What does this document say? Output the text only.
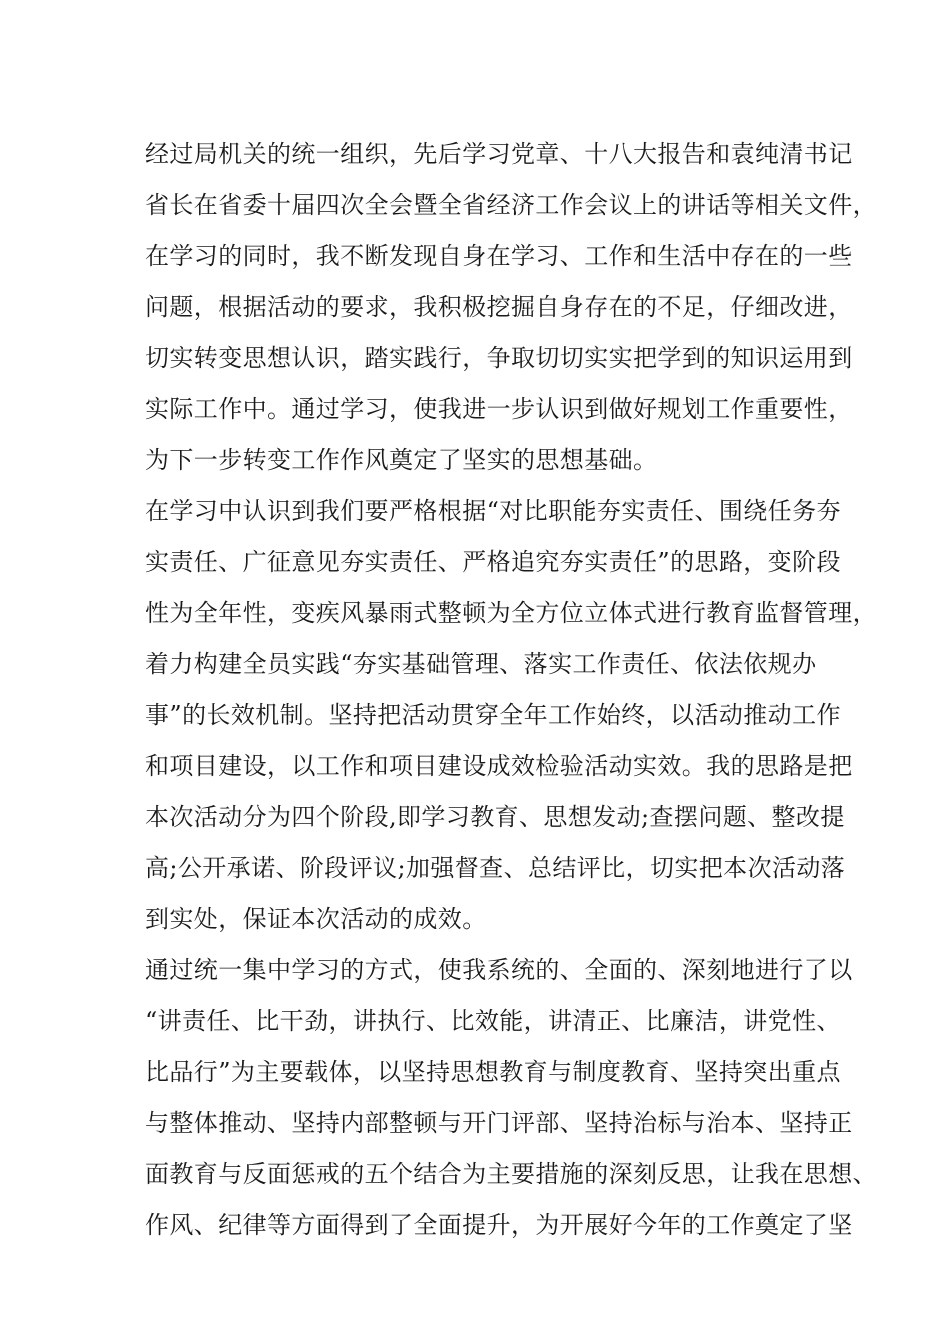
经过局机关的统一组织，先后学习党章、十八大报告和袁纯清书记
省长在省委十届四次全会暨全省经济工作会议上的讲话等相关文件，
在学习的同时，我不断发现自身在学习、工作和生活中存在的一些
问题，根据活动的要求，我积极挖掘自身存在的不足，仔细改进，
切实转变思想认识，踏实践行，争取切切实实把学到的知识运用到
实际工作中。通过学习，使我进一步认识到做好规划工作重要性，
为下一步转变工作作风奠定了坚实的思想基础。
在学习中认识到我们要严格根据“对比职能夯实责任、围绕任务夯
实责任、广征意见夯实责任、严格追究夯实责任”的思路，变阶段
性为全年性，变疾风暴雨式整顿为全方位立体式进行教育监督管理，
着力构建全员实践“夯实基础管理、落实工作责任、依法依规办
事”的长效机制。坚持把活动贯穿全年工作始终，以活动推动工作
和项目建设，以工作和项目建设成效检验活动实效。我的思路是把
本次活动分为四个阶段,即学习教育、思想发动;查摆问题、整改提
高;公开承诺、阶段评议;加强督查、总结评比，切实把本次活动落
到实处，保证本次活动的成效。
通过统一集中学习的方式，使我系统的、全面的、深刻地进行了以
“讲责任、比干劲，讲执行、比效能，讲清正、比廉洁，讲党性、
比品行”为主要载体，以坚持思想教育与制度教育、坚持突出重点
与整体推动、坚持内部整顿与开门评部、坚持治标与治本、坚持正
面教育与反面惩戒的五个结合为主要措施的深刻反思，让我在思想、
作风、纪律等方面得到了全面提升，为开展好今年的工作奠定了坚
